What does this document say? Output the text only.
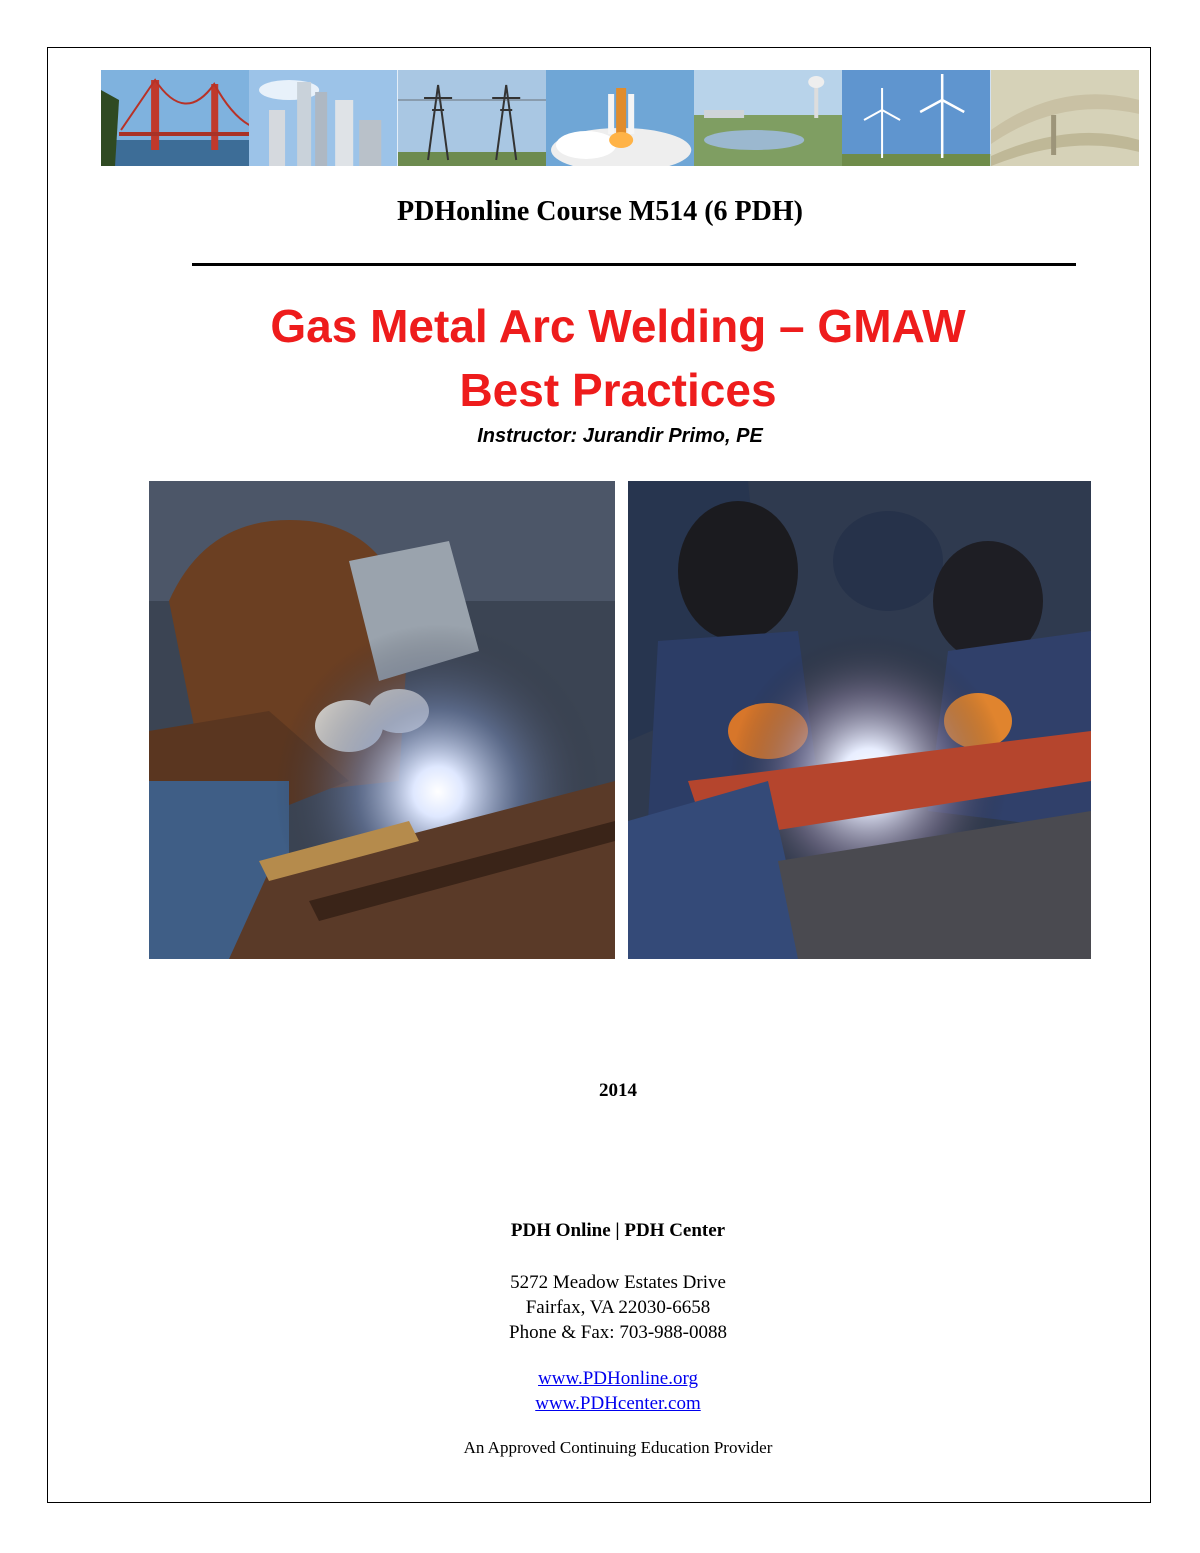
PDHonline Course M514 (6 PDH)
Gas Metal Arc Welding – GMAW
Best Practices
Instructor: Jurandir Primo, PE
2014
PDH Online | PDH Center
5272 Meadow Estates Drive
Fairfax, VA 22030-6658
Phone & Fax: 703-988-0088
www.PDHonline.org
www.PDHcenter.com
An Approved Continuing Education Provider
